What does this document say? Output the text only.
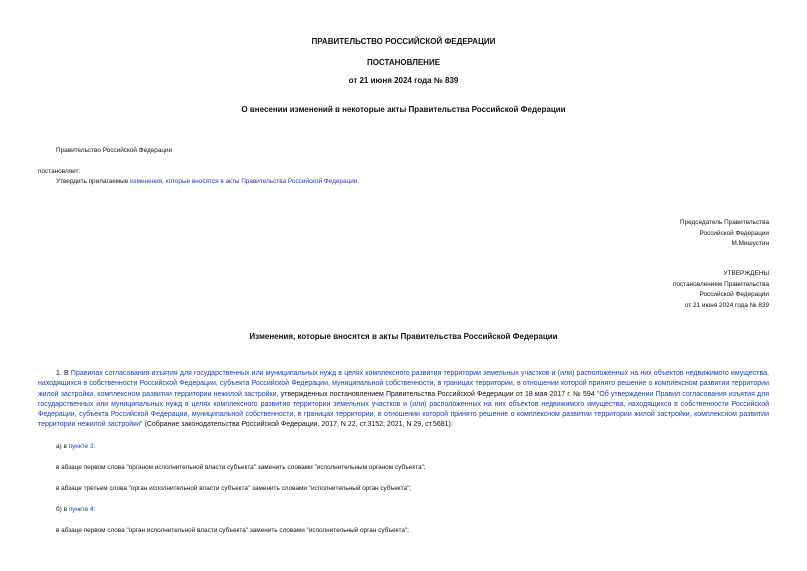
ПРАВИТЕЛЬСТВО РОССИЙСКОЙ ФЕДЕРАЦИИ
ПОСТАНОВЛЕНИЕ
от 21 июня 2024 года № 839
О внесении изменений в некоторые акты Правительства Российской Федерации
Правительство Российской Федерации
постановляет:
Утвердить прилагаемые изменения, которые вносятся в акты Правительства Российской Федерации.
Председатель Правительства
Российской Федерации
М.Мишустин
УТВЕРЖДЕНЫ
постановлением Правительства
Российской Федерации
от 21 июня 2024 года № 839
Изменения, которые вносятся в акты Правительства Российской Федерации
1. В Правилах согласования изъятия для государственных или муниципальных нужд в целях комплексного развития территории земельных участков и (или) расположенных на них объектов недвижимого имущества, находящихся в собственности Российской Федерации, субъекта Российской Федерации, муниципальной собственности, в границах территории, в отношении которой принято решение о комплексном развитии территории жилой застройки, комплексном развитии территории нежилой застройки, утвержденных постановлением Правительства Российской Федерации от 18 мая 2017 г. № 594 "Об утверждении Правил согласования изъятия для государственных или муниципальных нужд в целях комплексного развития территории земельных участков и (или) расположенных на них объектов недвижимого имущества, находящихся в собственности Российской Федерации, субъекта Российской Федерации, муниципальной собственности, в границах территории, в отношении которой принято решение о комплексном развитии территории жилой застройки, комплексном развитии территории нежилой застройки" (Собрание законодательства Российской Федерации, 2017, N 22, ст.3152; 2021, N 29, ст.5681):
а) в пункте 3:
в абзаце первом слова "органом исполнительной власти субъекта" заменить словами "исполнительным органом субъекта";
в абзаце третьем слова "орган исполнительной власти субъекта" заменить словами "исполнительный орган субъекта";
б) в пункте 4:
в абзаце первом слова "орган исполнительной власти субъекта" заменить словами "исполнительный орган субъекта";
